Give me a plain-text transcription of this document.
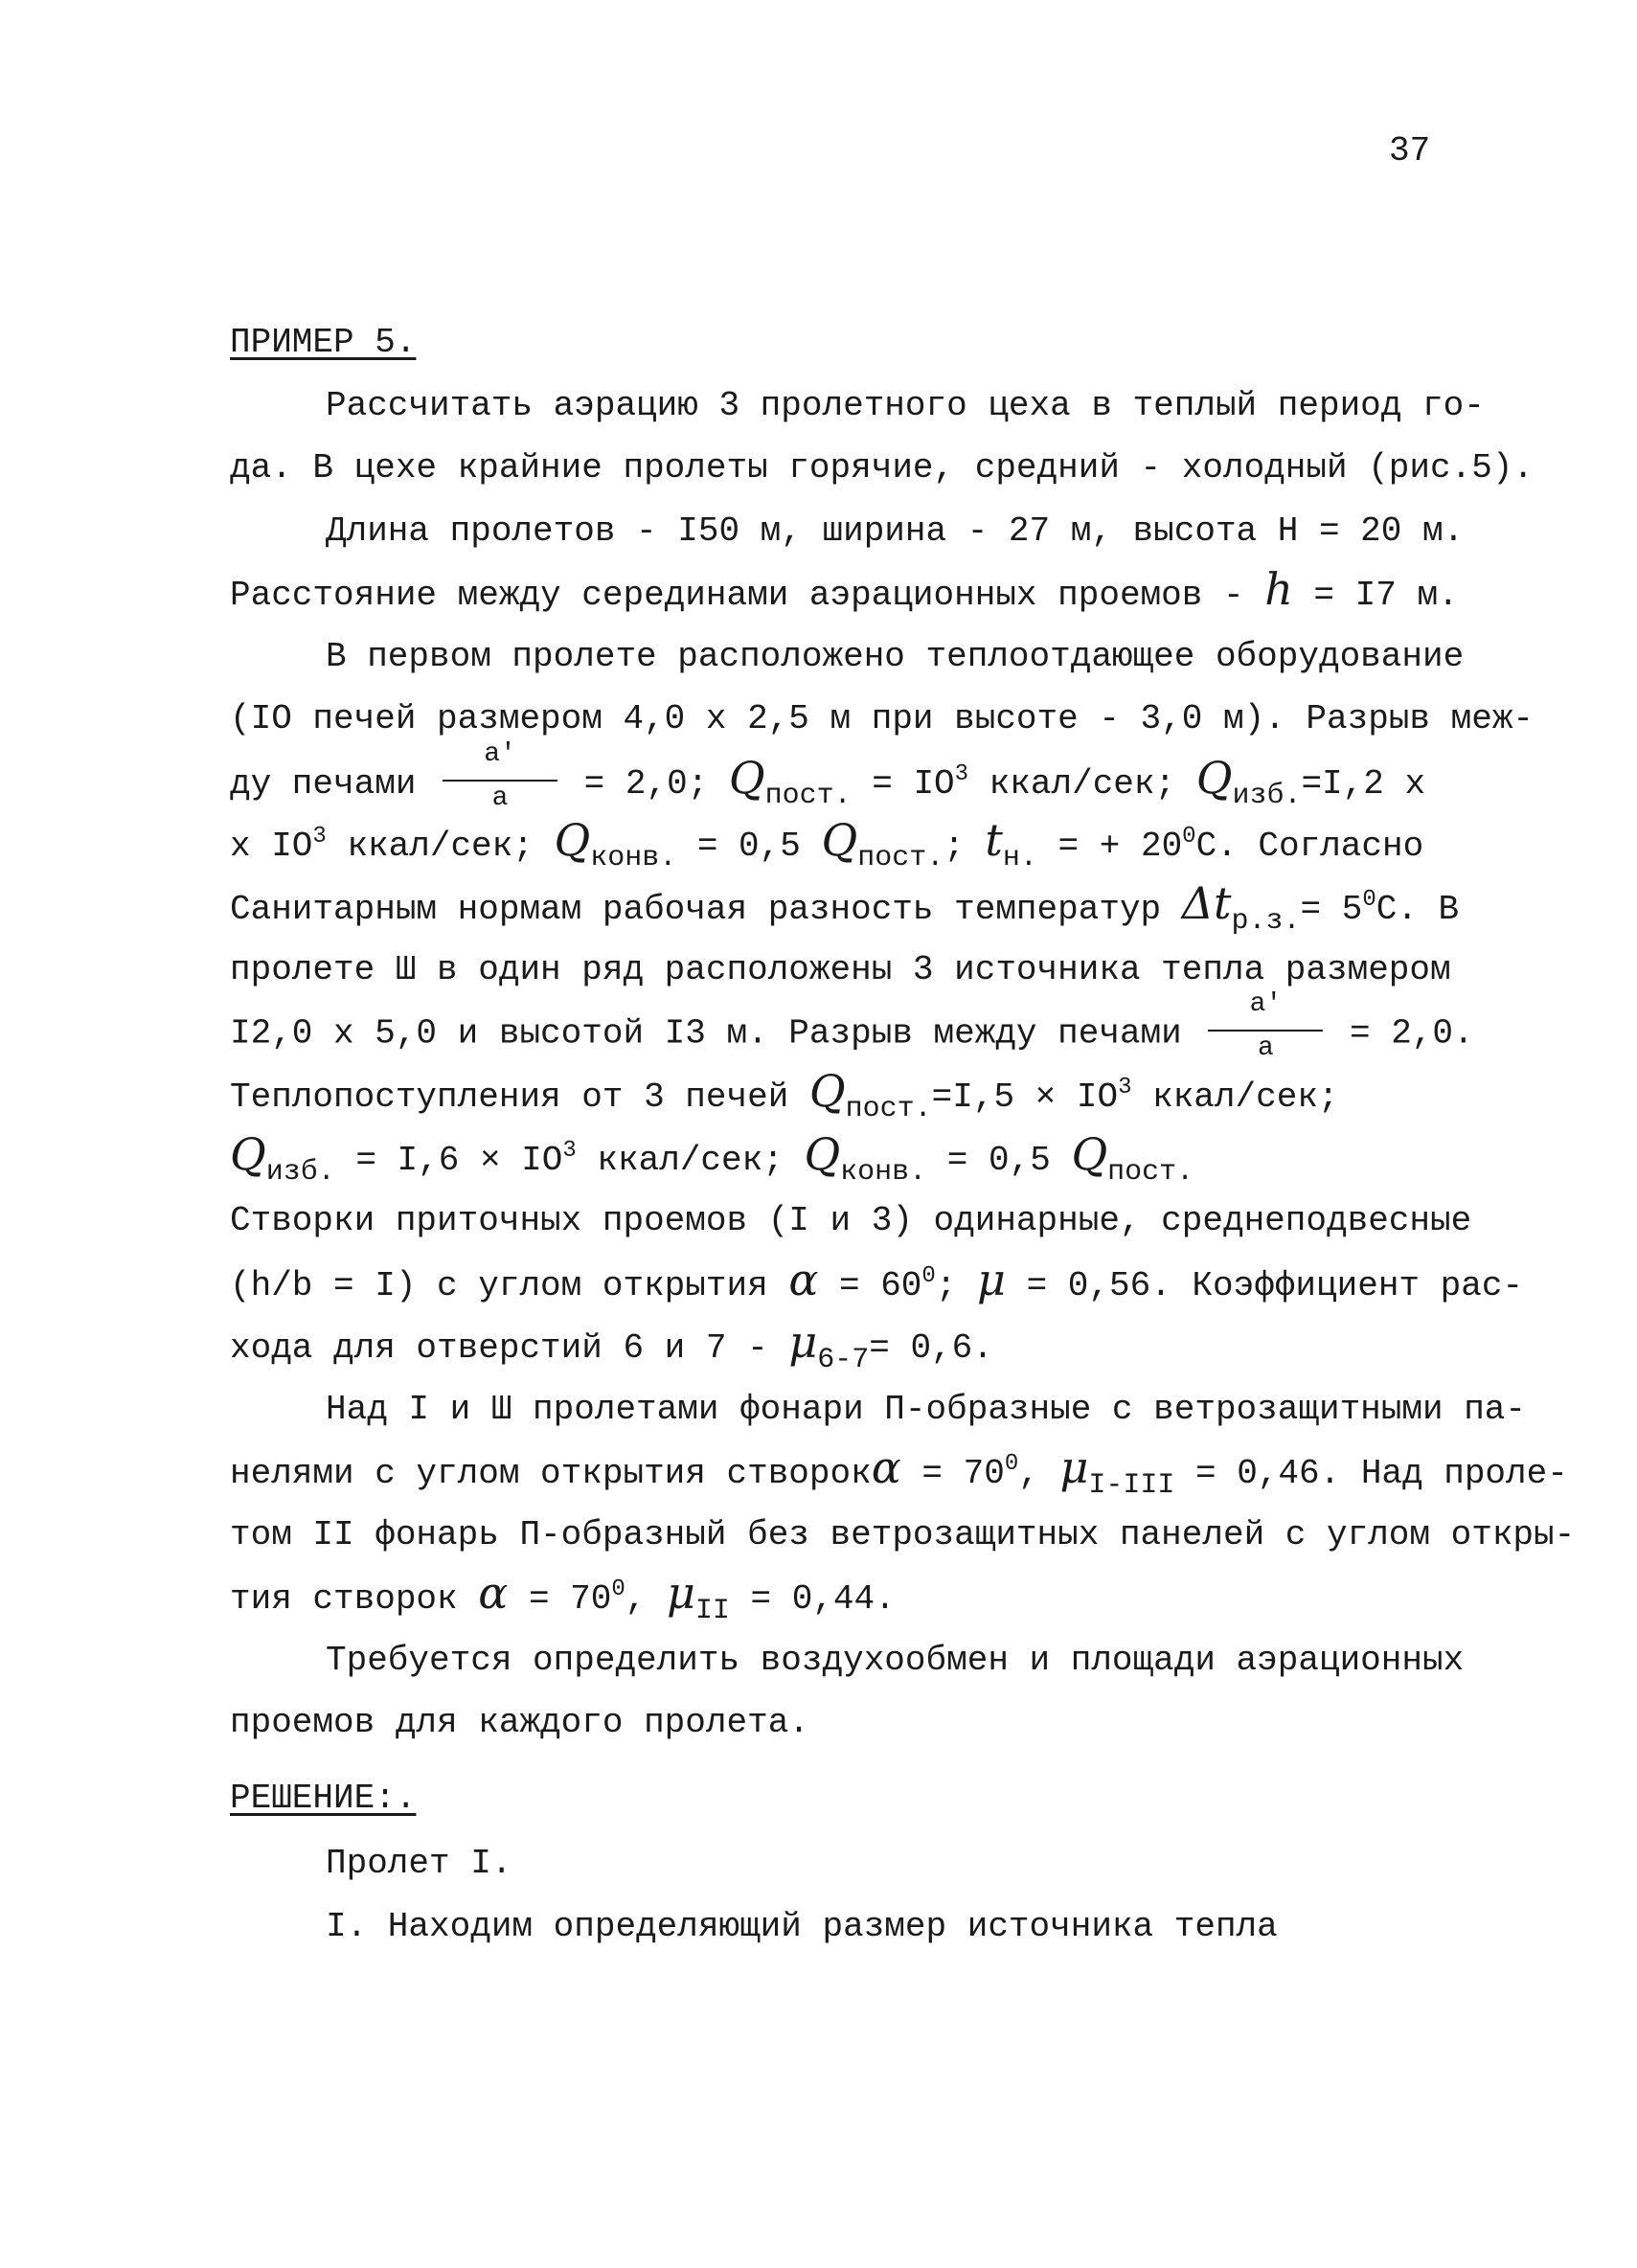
37
ПРИМЕР 5.
Рассчитать аэрацию 3 пролетного цеха в теплый период го-
да. В цехе крайние пролеты горячие, средний - холодный (рис.5).
Длина пролетов - I50 м, ширина - 27 м, высота Н = 20 м.
Расстояние между серединами аэрационных проемов - h = I7 м.
В первом пролете расположено теплоотдающее оборудование
(IO печей размером 4,0 х 2,5 м при высоте - 3,0 м). Разрыв меж-
ду печами $\frac{a'}{a} = 2,0$; $Q_{пост.} = IO^3$ ккал/сек; $Q_{изб.}=I,2$ х
х $IO^3$ ккал/сек; $Q_{конв.} = 0,5$ $Q_{пост.}$; $t_{н.}$ = + $20^0С$. Согласно
Санитарным нормам рабочая разность температур $\Delta t_{р.з.}= 5^0С$. В
пролете Ш в один ряд расположены 3 источника тепла размером
I2,0 х 5,0 и высотой I3 м. Разрыв между печами $\frac{a'}{a} = 2,0$.
Теплопоступления от 3 печей $Q_{пост.}=I,5 \times IO^3$ ккал/сек;
$Q_{изб.} = I,6 \times IO^3$ ккал/сек; $Q_{конв.} = 0,5$ $Q_{пост.}$
Створки приточных проемов (I и 3) одинарные, среднеподвесные
(h/b = I) с углом открытия $\alpha = 60^0$; μ = 0,56. Коэффициент рас-
хода для отверстий 6 и $7 - \mu_{6-7}= 0,6$.
Над I и Ш пролетами фонари П-образные с ветрозащитными па-
нелями с углом открытия створокα = $70^0$, $\mu_{I-III} = 0,46$. Над проле-
том II фонарь П-образный без ветрозащитных панелей с углом откры-
тия створок $\alpha = 70^0$, $\mu_{II} = 0,44$.
Требуется определить воздухообмен и площади аэрационных
проемов для каждого пролета.
РЕШЕНИЕ:.
Пролет I.
I. Находим определяющий размер источника тепла
